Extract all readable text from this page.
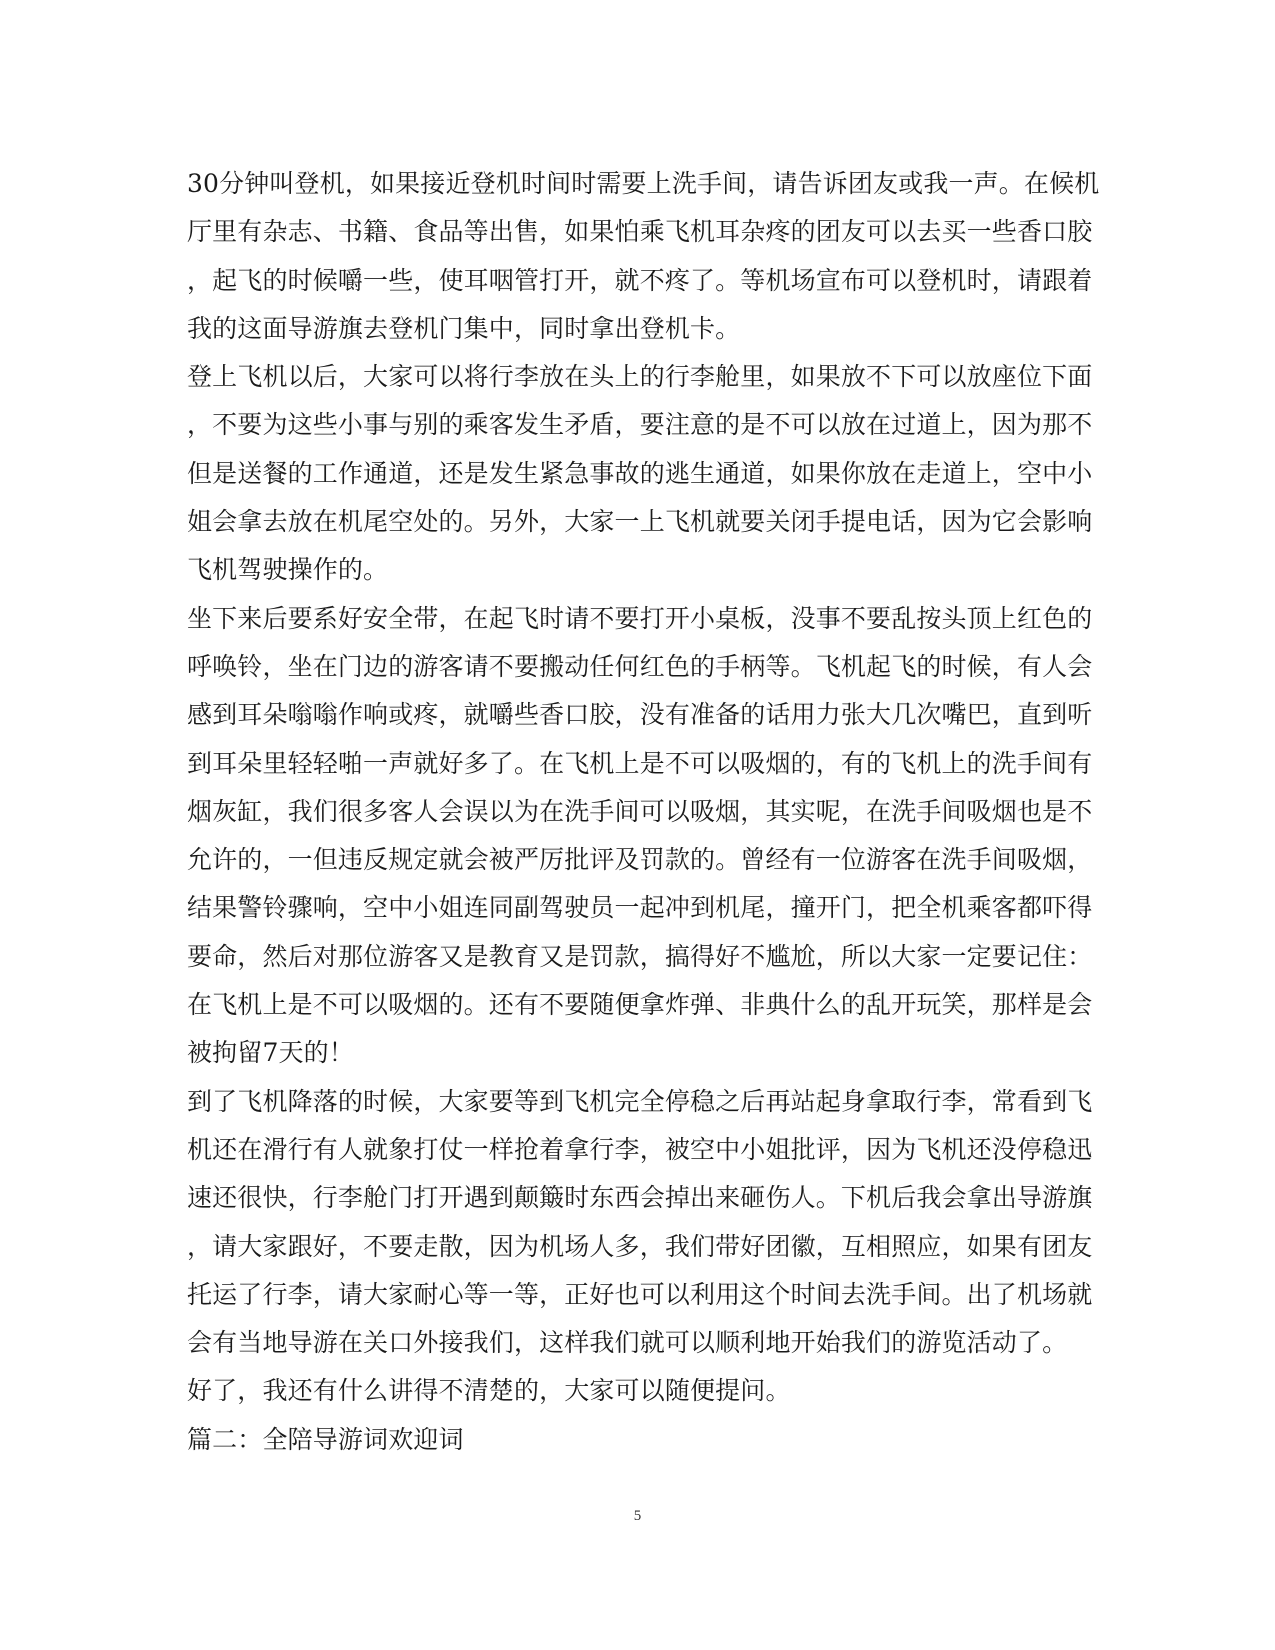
30分钟叫登机，如果接近登机时间时需要上洗手间，请告诉团友或我一声。在候机
厅里有杂志、书籍、食品等出售，如果怕乘飞机耳杂疼的团友可以去买一些香口胶
，起飞的时候嚼一些，使耳咽管打开，就不疼了。等机场宣布可以登机时，请跟着
我的这面导游旗去登机门集中，同时拿出登机卡。

登上飞机以后，大家可以将行李放在头上的行李舱里，如果放不下可以放座位下面
，不要为这些小事与别的乘客发生矛盾，要注意的是不可以放在过道上，因为那不
但是送餐的工作通道，还是发生紧急事故的逃生通道，如果你放在走道上，空中小
姐会拿去放在机尾空处的。另外，大家一上飞机就要关闭手提电话，因为它会影响
飞机驾驶操作的。

坐下来后要系好安全带，在起飞时请不要打开小桌板，没事不要乱按头顶上红色的
呼唤铃，坐在门边的游客请不要搬动任何红色的手柄等。飞机起飞的时候，有人会
感到耳朵嗡嗡作响或疼，就嚼些香口胶，没有准备的话用力张大几次嘴巴，直到听
到耳朵里轻轻啪一声就好多了。在飞机上是不可以吸烟的，有的飞机上的洗手间有
烟灰缸，我们很多客人会误以为在洗手间可以吸烟，其实呢，在洗手间吸烟也是不
允许的，一但违反规定就会被严厉批评及罚款的。曾经有一位游客在洗手间吸烟，
结果警铃骤响，空中小姐连同副驾驶员一起冲到机尾，撞开门，把全机乘客都吓得
要命，然后对那位游客又是教育又是罚款，搞得好不尴尬，所以大家一定要记住：
在飞机上是不可以吸烟的。还有不要随便拿炸弹、非典什么的乱开玩笑，那样是会
被拘留7天的！

到了飞机降落的时候，大家要等到飞机完全停稳之后再站起身拿取行李，常看到飞
机还在滑行有人就象打仗一样抢着拿行李，被空中小姐批评，因为飞机还没停稳迅
速还很快，行李舱门打开遇到颠簸时东西会掉出来砸伤人。下机后我会拿出导游旗
，请大家跟好，不要走散，因为机场人多，我们带好团徽，互相照应，如果有团友
托运了行李，请大家耐心等一等，正好也可以利用这个时间去洗手间。出了机场就
会有当地导游在关口外接我们，这样我们就可以顺利地开始我们的游览活动了。

好了，我还有什么讲得不清楚的，大家可以随便提问。

篇二：全陪导游词欢迎词

5
